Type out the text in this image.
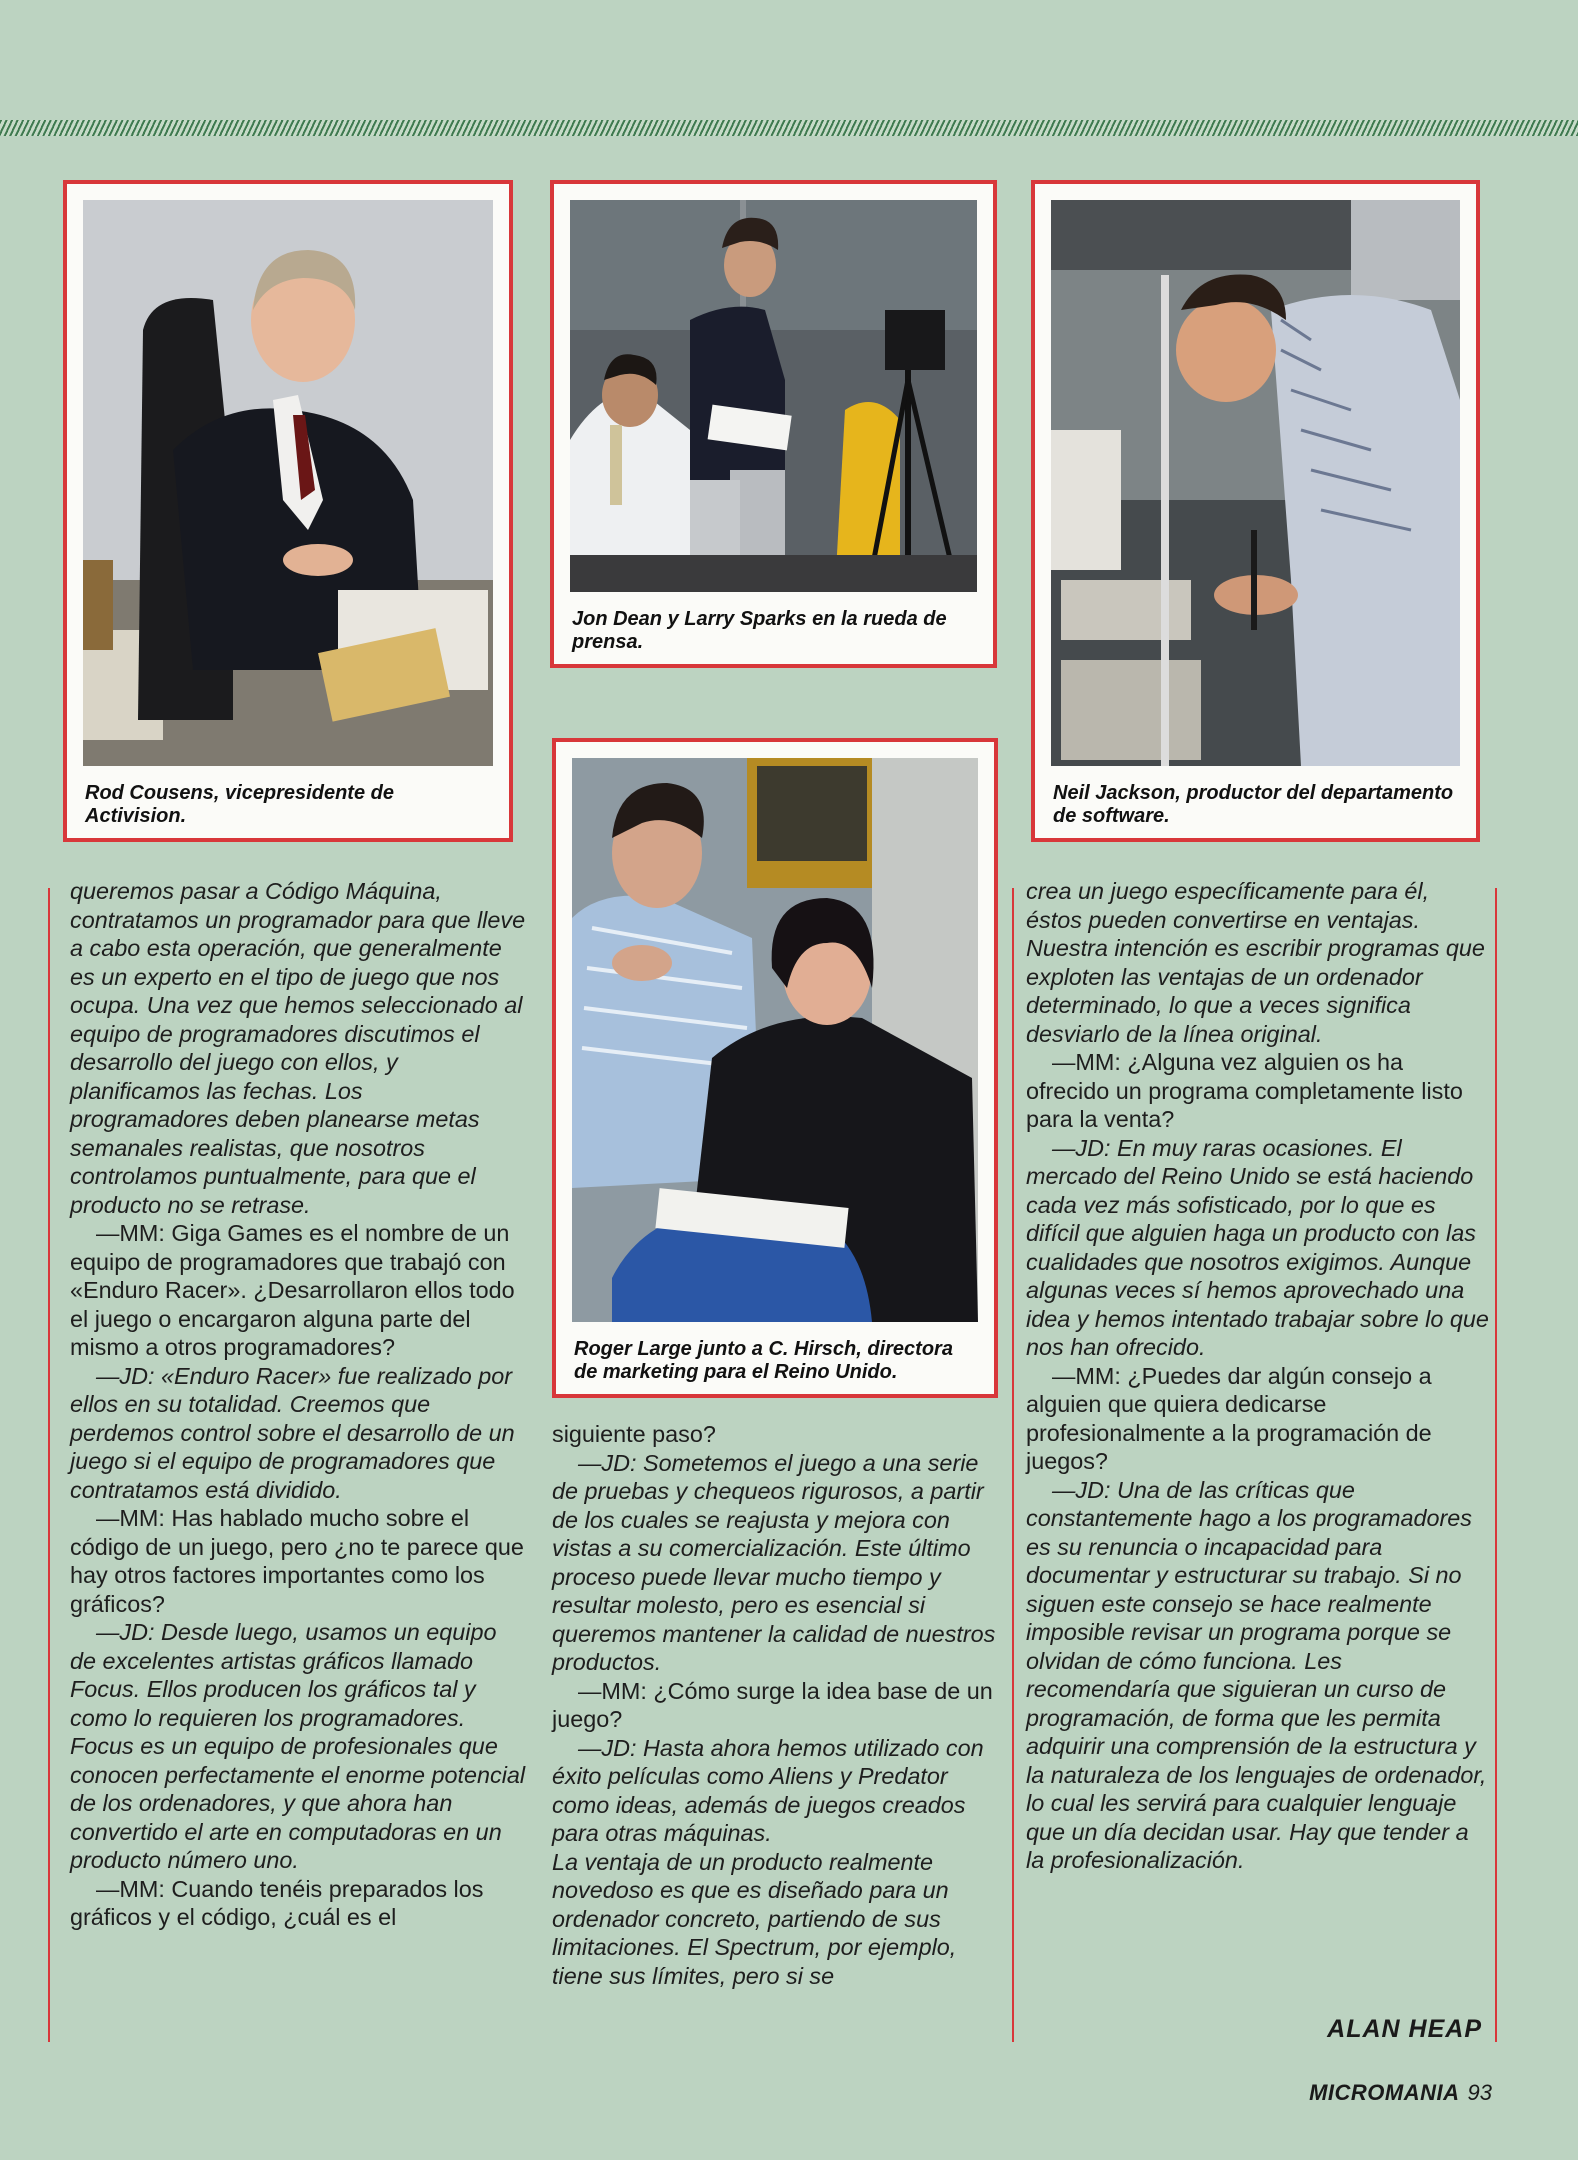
Rod Cousens, vicepresidente de Activision.
Jon Dean y Larry Sparks en la rueda de prensa.
Neil Jackson, productor del departamento de software.
Roger Large junto a C. Hirsch, directora de marketing para el Reino Unido.

queremos pasar a Código Máquina, contratamos un programador para que lleve a cabo esta operación, que generalmente es un experto en el tipo de juego que nos ocupa. Una vez que hemos seleccionado al equipo de programadores discutimos el desarrollo del juego con ellos, y planificamos las fechas. Los programadores deben planearse metas semanales realistas, que nosotros controlamos puntualmente, para que el producto no se retrase.

—MM: Giga Games es el nombre de un equipo de programadores que trabajó con «Enduro Racer». ¿Desarrollaron ellos todo el juego o encargaron alguna parte del mismo a otros programadores?

—JD: «Enduro Racer» fue realizado por ellos en su totalidad. Creemos que perdemos control sobre el desarrollo de un juego si el equipo de programadores que contratamos está dividido.

—MM: Has hablado mucho sobre el código de un juego, pero ¿no te parece que hay otros factores importantes como los gráficos?

—JD: Desde luego, usamos un equipo de excelentes artistas gráficos llamado Focus. Ellos producen los gráficos tal y como lo requieren los programadores. Focus es un equipo de profesionales que conocen perfectamente el enorme potencial de los ordenadores, y que ahora han convertido el arte en computadoras en un producto número uno.

—MM: Cuando tenéis preparados los gráficos y el código, ¿cuál es el

siguiente paso?

—JD: Sometemos el juego a una serie de pruebas y chequeos rigurosos, a partir de los cuales se reajusta y mejora con vistas a su comercialización. Este último proceso puede llevar mucho tiempo y resultar molesto, pero es esencial si queremos mantener la calidad de nuestros productos.

—MM: ¿Cómo surge la idea base de un juego?

—JD: Hasta ahora hemos utilizado con éxito películas como Aliens y Predator como ideas, además de juegos creados para otras máquinas.

La ventaja de un producto realmente novedoso es que es diseñado para un ordenador concreto, partiendo de sus limitaciones. El Spectrum, por ejemplo, tiene sus límites, pero si se

crea un juego específicamente para él, éstos pueden convertirse en ventajas. Nuestra intención es escribir programas que exploten las ventajas de un ordenador determinado, lo que a veces significa desviarlo de la línea original.

—MM: ¿Alguna vez alguien os ha ofrecido un programa completamente listo para la venta?

—JD: En muy raras ocasiones. El mercado del Reino Unido se está haciendo cada vez más sofisticado, por lo que es difícil que alguien haga un producto con las cualidades que nosotros exigimos. Aunque algunas veces sí hemos aprovechado una idea y hemos intentado trabajar sobre lo que nos han ofrecido.

—MM: ¿Puedes dar algún consejo a alguien que quiera dedicarse profesionalmente a la programación de juegos?

—JD: Una de las críticas que constantemente hago a los programadores es su renuncia o incapacidad para documentar y estructurar su trabajo. Si no siguen este consejo se hace realmente imposible revisar un programa porque se olvidan de cómo funciona. Les recomendaría que siguieran un curso de programación, de forma que les permita adquirir una comprensión de la estructura y la naturaleza de los lenguajes de ordenador, lo cual les servirá para cualquier lenguaje que un día decidan usar. Hay que tender a la profesionalización.

ALAN HEAP
MICROMANIA 93
